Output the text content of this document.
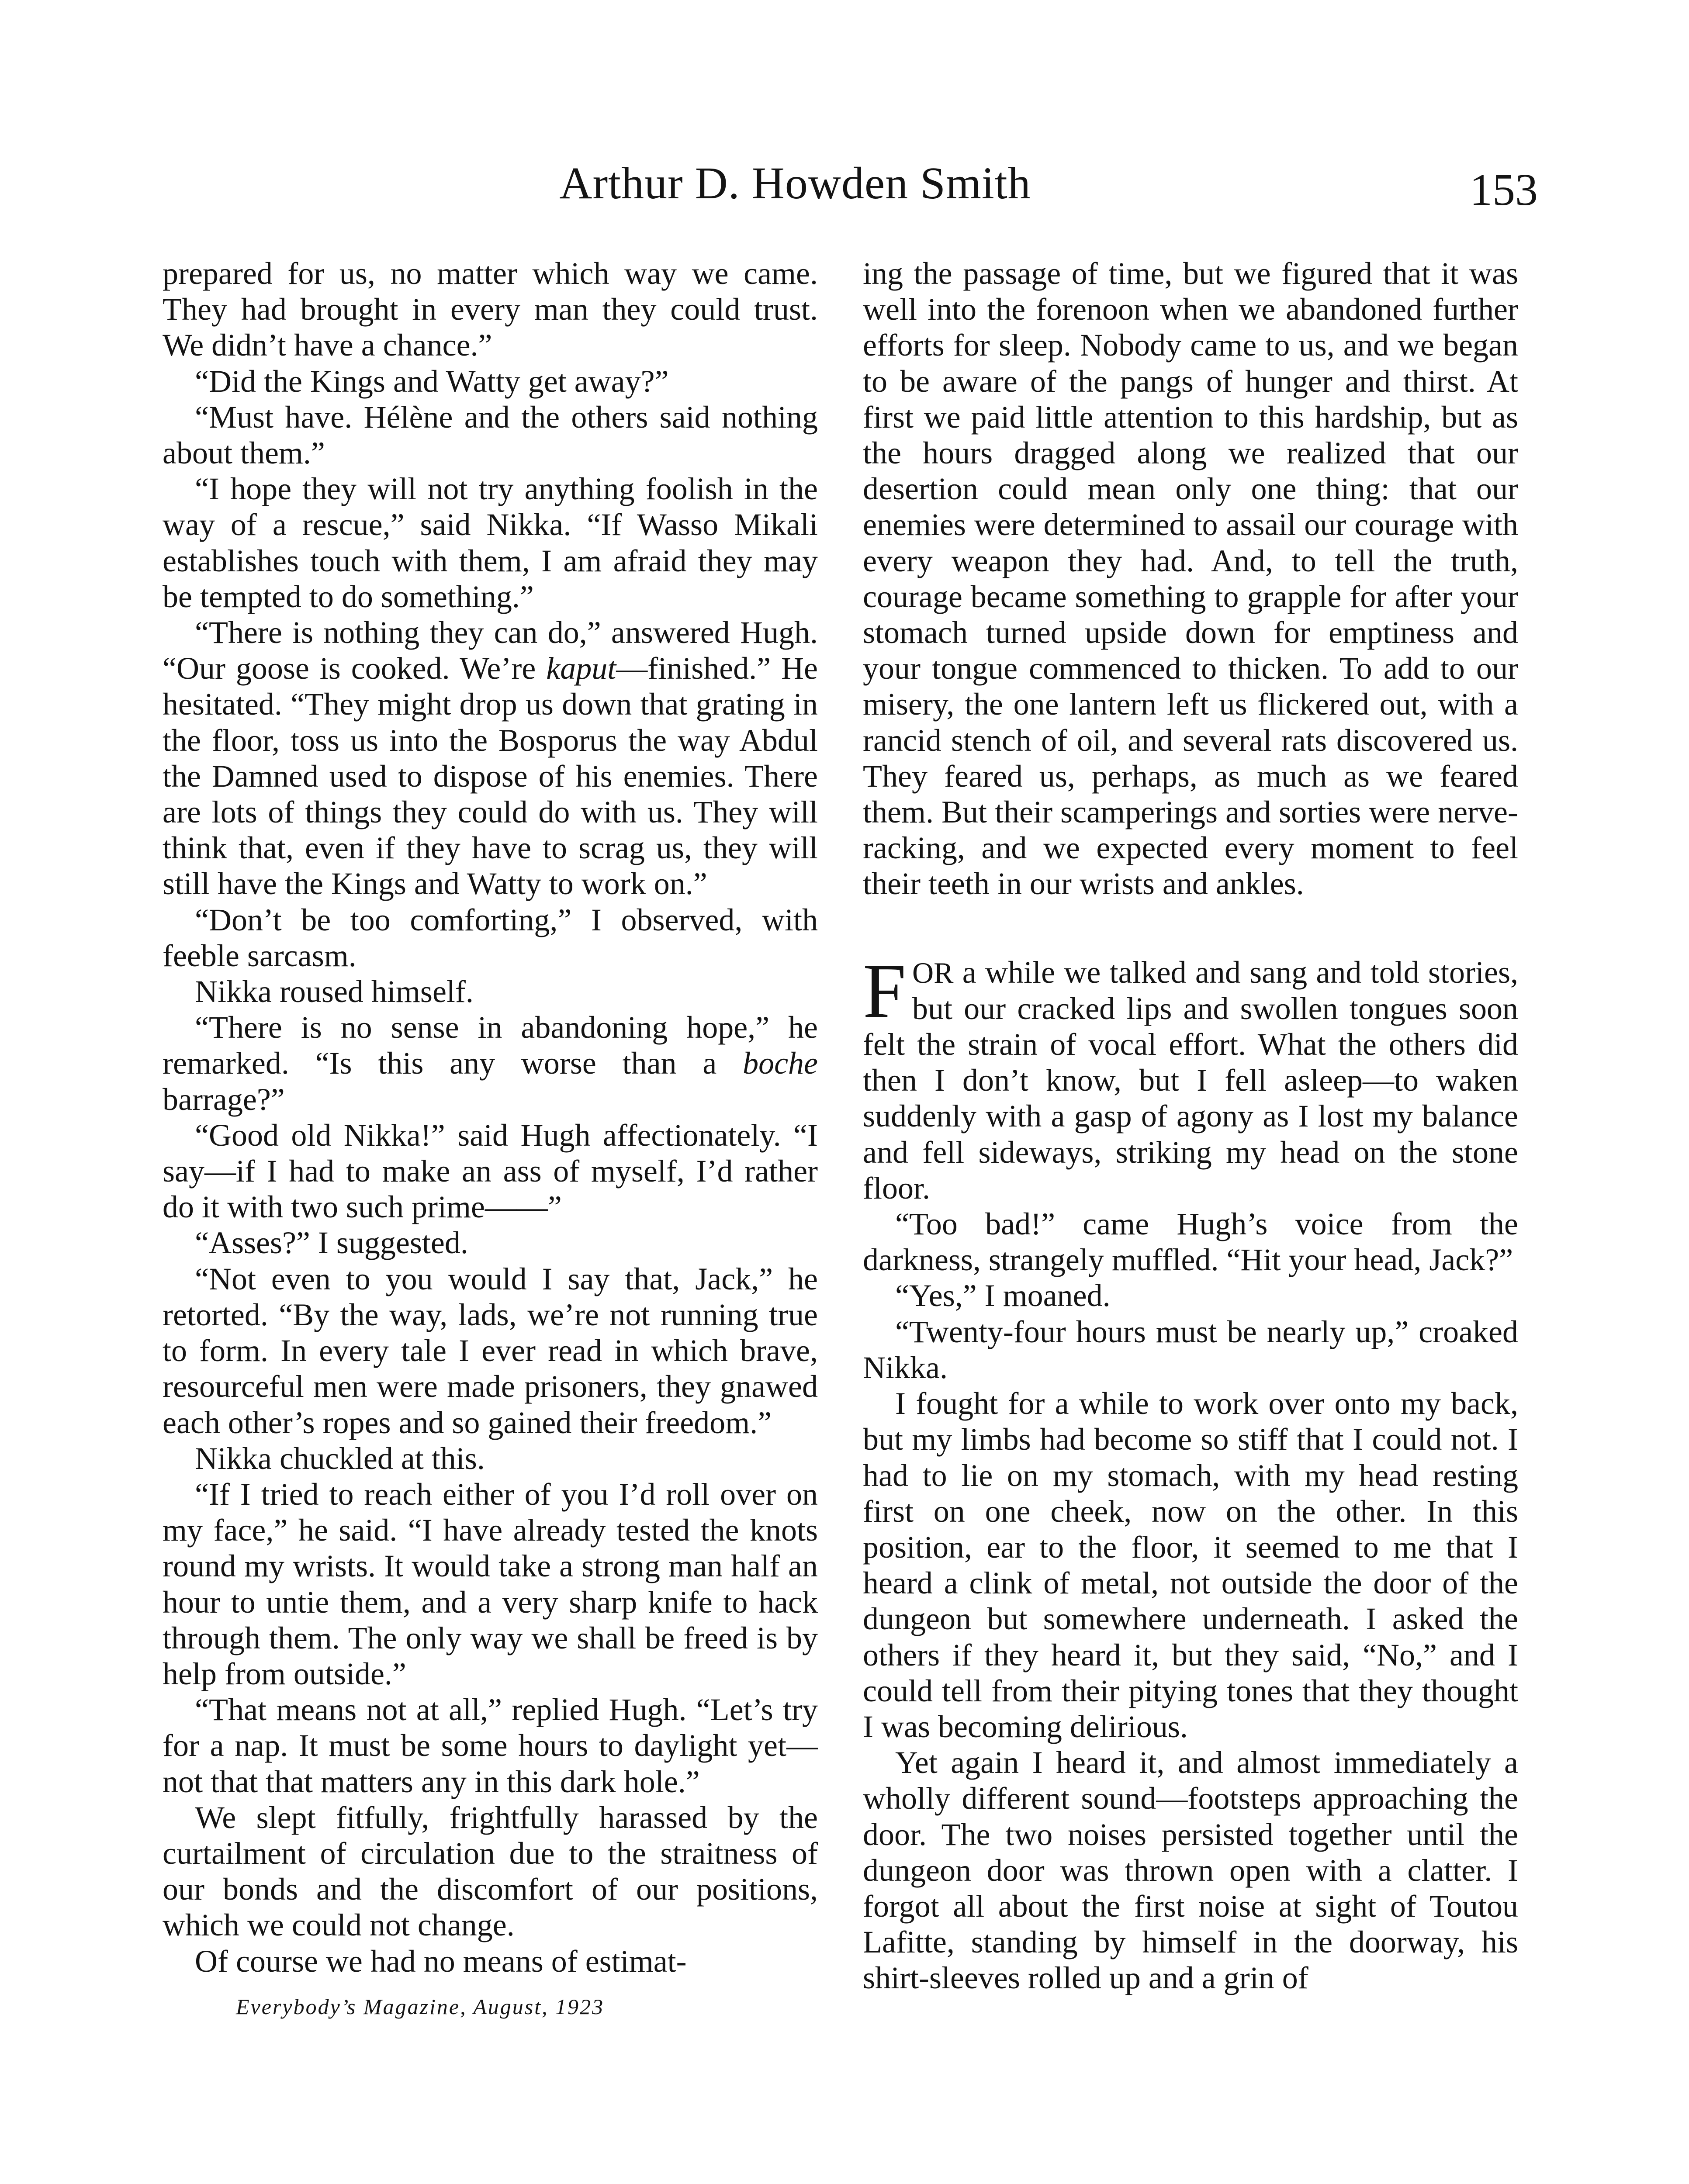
Arthur D. Howden Smith	153

prepared for us, no matter which way we came. They had brought in every man they could trust. We didn’t have a chance.”

“Did the Kings and Watty get away?”

“Must have. Hélène and the others said nothing about them.”

“I hope they will not try anything foolish in the way of a rescue,” said Nikka. “If Wasso Mikali establishes touch with them, I am afraid they may be tempted to do something.”

“There is nothing they can do,” answered Hugh. “Our goose is cooked. We’re kaput—finished.” He hesitated. “They might drop us down that grating in the floor, toss us into the Bosporus the way Abdul the Damned used to dispose of his enemies. There are lots of things they could do with us. They will think that, even if they have to scrag us, they will still have the Kings and Watty to work on.”

“Don’t be too comforting,” I observed, with feeble sarcasm.

Nikka roused himself.

“There is no sense in abandoning hope,” he remarked. “Is this any worse than a boche barrage?”

“Good old Nikka!” said Hugh affectionately. “I say—if I had to make an ass of myself, I’d rather do it with two such prime——”

“Asses?” I suggested.

“Not even to you would I say that, Jack,” he retorted. “By the way, lads, we’re not running true to form. In every tale I ever read in which brave, resourceful men were made prisoners, they gnawed each other’s ropes and so gained their freedom.”

Nikka chuckled at this.

“If I tried to reach either of you I’d roll over on my face,” he said. “I have already tested the knots round my wrists. It would take a strong man half an hour to untie them, and a very sharp knife to hack through them. The only way we shall be freed is by help from outside.”

“That means not at all,” replied Hugh. “Let’s try for a nap. It must be some hours to daylight yet—not that that matters any in this dark hole.”

We slept fitfully, frightfully harassed by the curtailment of circulation due to the straitness of our bonds and the discomfort of our positions, which we could not change.

Of course we had no means of estimat-

ing the passage of time, but we figured that it was well into the forenoon when we abandoned further efforts for sleep. Nobody came to us, and we began to be aware of the pangs of hunger and thirst. At first we paid little attention to this hardship, but as the hours dragged along we realized that our desertion could mean only one thing: that our enemies were determined to assail our courage with every weapon they had. And, to tell the truth, courage became something to grapple for after your stomach turned upside down for emptiness and your tongue commenced to thicken. To add to our misery, the one lantern left us flickered out, with a rancid stench of oil, and several rats discovered us. They feared us, perhaps, as much as we feared them. But their scamperings and sorties were nerve-racking, and we expected every moment to feel their teeth in our wrists and ankles.

FOR a while we talked and sang and told stories, but our cracked lips and swollen tongues soon felt the strain of vocal effort. What the others did then I don’t know, but I fell asleep—to waken suddenly with a gasp of agony as I lost my balance and fell sideways, striking my head on the stone floor.

“Too bad!” came Hugh’s voice from the darkness, strangely muffled. “Hit your head, Jack?”

“Yes,” I moaned.

“Twenty-four hours must be nearly up,” croaked Nikka.

I fought for a while to work over onto my back, but my limbs had become so stiff that I could not. I had to lie on my stomach, with my head resting first on one cheek, now on the other. In this position, ear to the floor, it seemed to me that I heard a clink of metal, not outside the door of the dungeon but somewhere underneath. I asked the others if they heard it, but they said, “No,” and I could tell from their pitying tones that they thought I was becoming delirious.

Yet again I heard it, and almost immediately a wholly different sound—footsteps approaching the door. The two noises persisted together until the dungeon door was thrown open with a clatter. I forgot all about the first noise at sight of Toutou Lafitte, standing by himself in the doorway, his shirt-sleeves rolled up and a grin of

Everybody’s Magazine, August, 1923
